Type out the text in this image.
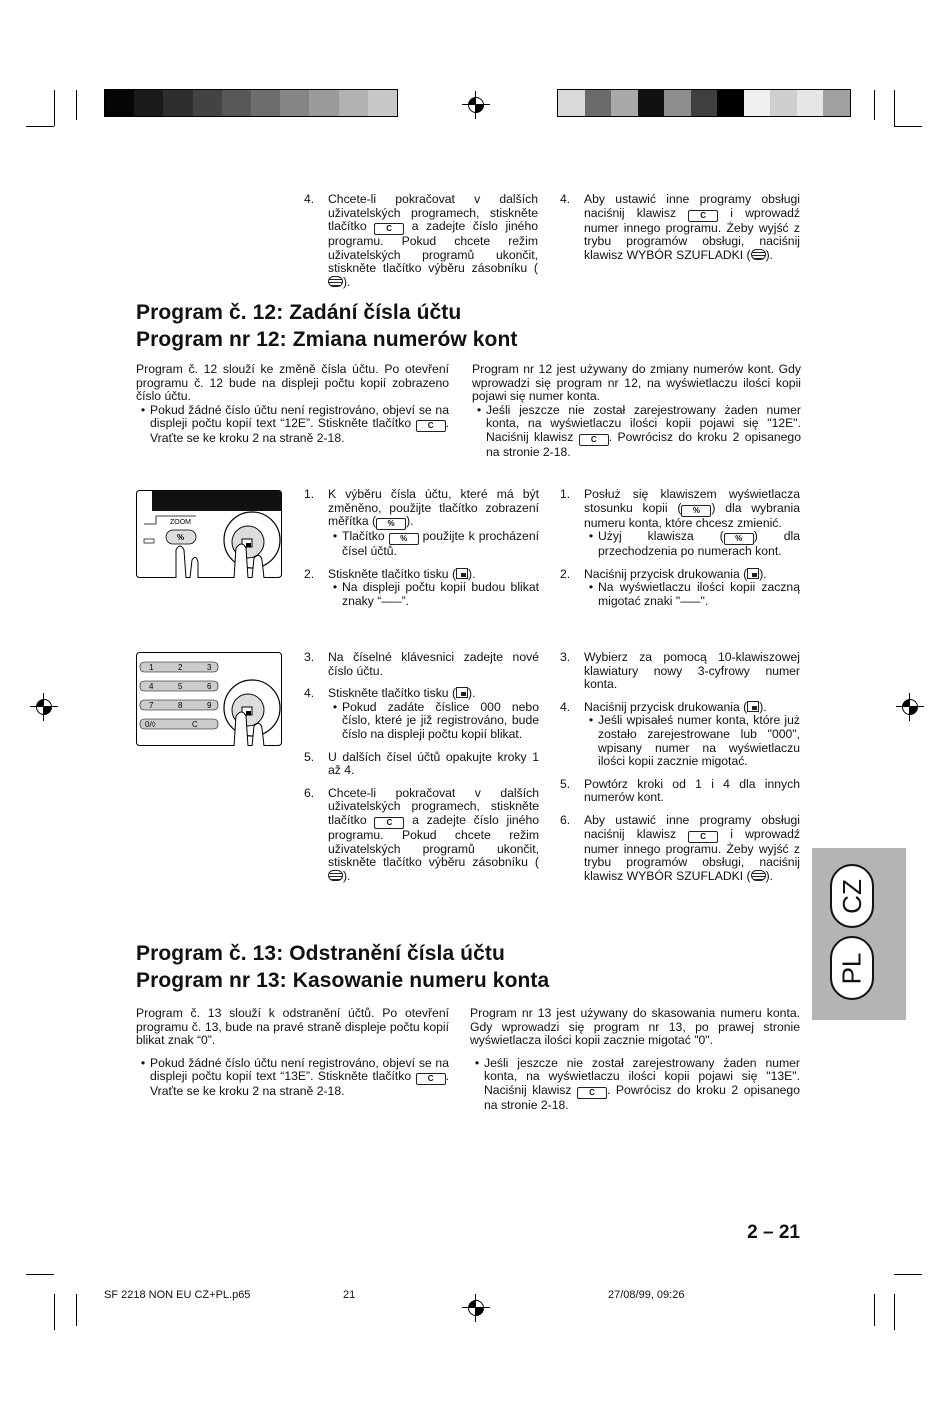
4.	Chcete-li pokračovat v dalších uživatelských programech, stiskněte tlačítko C	a zadejte číslo jiného programu. Pokud chcete režim uživatelských programů ukončit, stiskněte tlačítko výběru zásobníku ().
4.	Aby ustawić inne programy obsługi naciśnij klawisz C	i wprowadź numer innego programu. Żeby wyjść z trybu programów obsługi, naciśnij klawisz WYBÓR SZUFLADKI ( ).
Program č. 12: Zadání čísla účtu
Program nr 12: Zmiana numerów kont
Program č. 12 slouží ke změně čísla účtu. Po otevření programu č. 12 bude na displeji počtu kopií zobrazeno číslo účtu.
• Pokud žádné číslo účtu není registrováno, objeví se na displeji počtu kopií text “12E”. Stiskněte tlačítko C	. Vraťte se ke kroku 2 na straně 2-18.
Program nr 12 jest używany do zmiany numerów kont. Gdy wprowadzi się program nr 12, na wyświetlaczu ilości kopii pojawi się numer konta.
• Jeśli jeszcze nie został zarejestrowany żaden numer konta, na wyświetlaczu ilości kopii pojawi się "12E". Naciśnij klawisz C	. Powrócisz do kroku 2 opisanego na stronie 2-18.
ZOOM
%
1.	K výběru čísla účtu, které má být změněno, použijte tlačítko zobrazení měřítka ( % ).
• Tlačítko %	použijte k procházení čísel účtů.
2.	Stiskněte tlačítko tisku ( ).
• Na displeji počtu kopií budou blikat znaky “–––”.
1.	Posłuż się klawiszem wyświetlacza stosunku kopii ( % ) dla wybrania numeru konta, które chcesz zmienić.
• Użyj klawisza ( % ) dla przechodzenia po numerach kont.
2.	Naciśnij przycisk drukowania ( ).
• Na wyświetlaczu ilości kopii zaczną migotać znaki "–––".
1	2	3
4	5	6
7	8	9
0/◊	C
3.	Na číselné klávesnici zadejte nové číslo účtu.
4.	Stiskněte tlačítko tisku ( ).
• Pokud zadáte číslice 000 nebo číslo, které je již registrováno, bude číslo na displeji počtu kopií blikat.
5.	U dalších čísel účtů opakujte kroky 1 až 4.
6.	Chcete-li pokračovat v dalších uživatelských programech, stiskněte tlačítko C	a zadejte číslo jiného programu. Pokud chcete režim uživatelských programů ukončit, stiskněte tlačítko výběru zásobníku ().
3.	Wybierz za pomocą 10-klawiszowej klawiatury nowy 3-cyfrowy numer konta.
4.	Naciśnij przycisk drukowania ( ).
• Jeśli wpisałeś numer konta, które już zostało zarejestrowane lub "000", wpisany numer na wyświetlaczu ilości kopii zacznie migotać.
5.	Powtórz kroki od 1 i 4 dla innych numerów kont.
6.	Aby ustawić inne programy obsługi naciśnij klawisz C	i wprowadź numer innego programu. Żeby wyjść z trybu programów obsługi, naciśnij klawisz WYBÓR SZUFLADKI ( ).
Program č. 13: Odstranění čísla účtu
Program nr 13: Kasowanie numeru konta
Program č. 13 slouží k odstranění účtů. Po otevření programu č. 13, bude na pravé straně displeje počtu kopií blikat znak “0”.
• Pokud žádné číslo účtu není registrováno, objeví se na displeji počtu kopií text “13E”. Stiskněte tlačítko C	. Vraťte se ke kroku 2 na straně 2-18.
Program nr 13 jest używany do skasowania numeru konta. Gdy wprowadzi się program nr 13, po prawej stronie wyświetlacza ilości kopii zacznie migotać "0".
• Jeśli jeszcze nie został zarejestrowany żaden numer konta, na wyświetlaczu ilości kopii pojawi się "13E". Naciśnij klawisz C	. Powrócisz do kroku 2 opisanego na stronie 2-18.
CZ
PL
2 – 21
SF 2218 NON EU CZ+PL.p65	21	27/08/99, 09:26
